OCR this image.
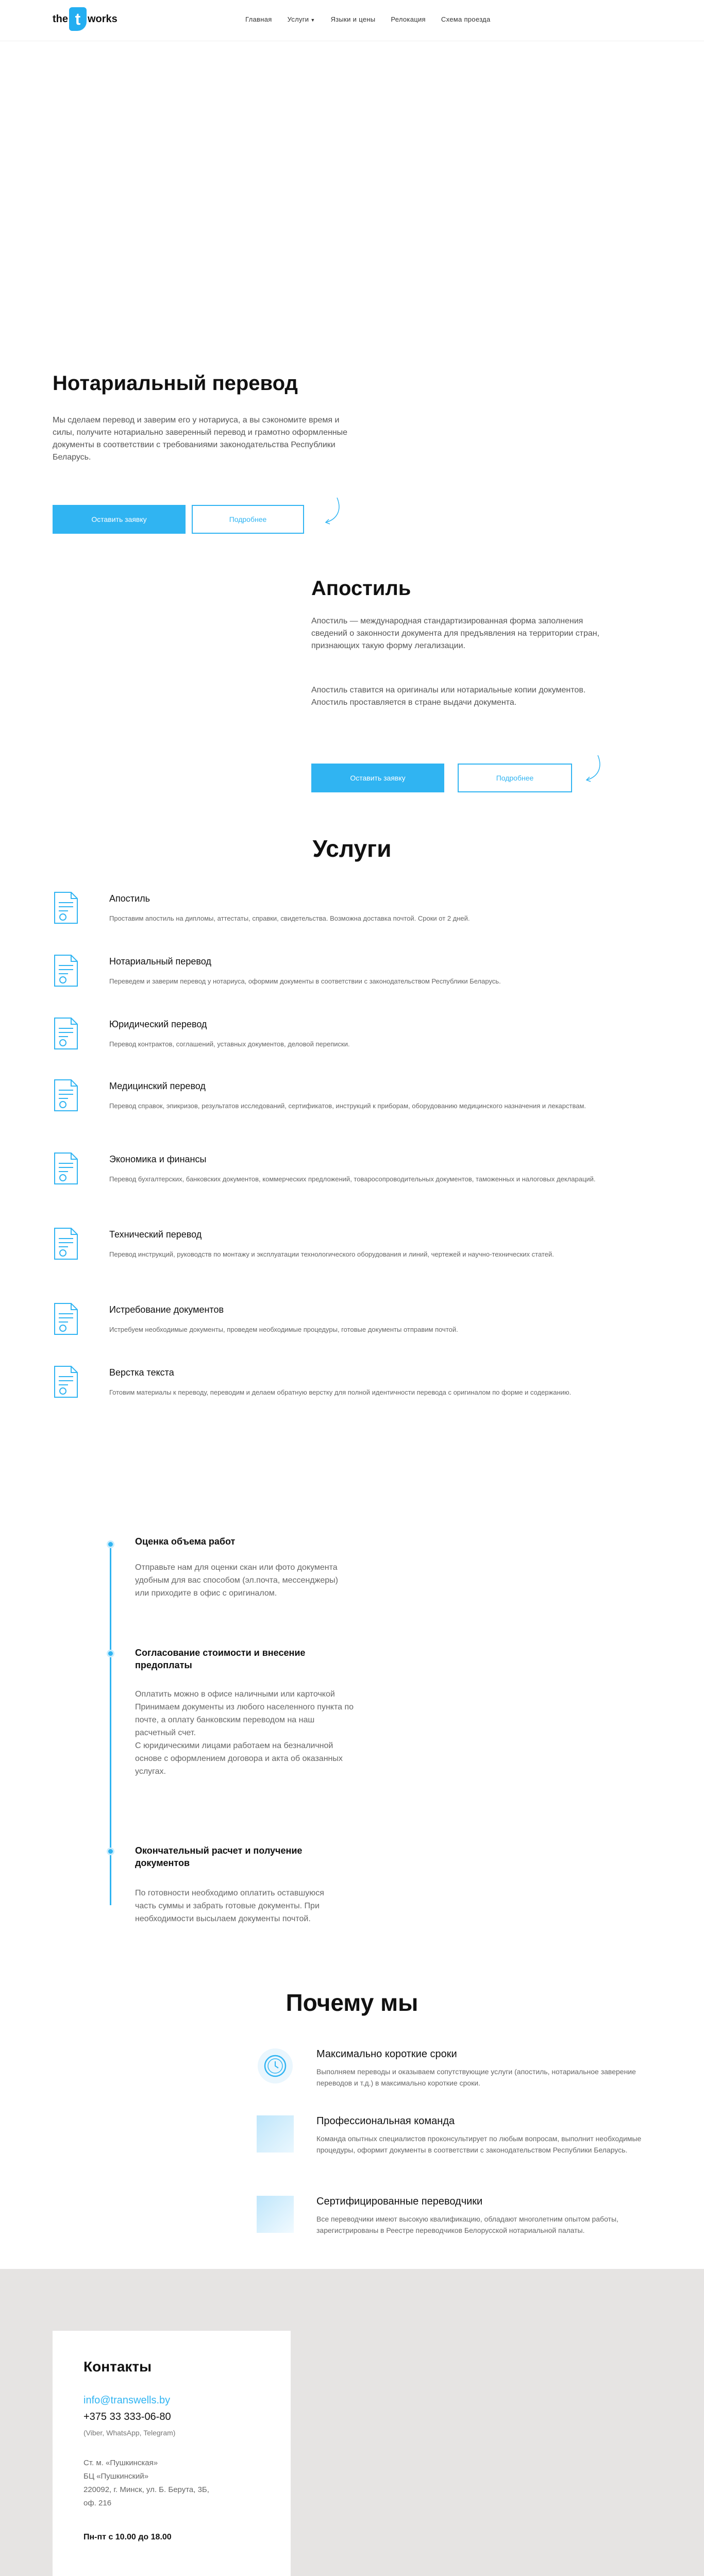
the t works	Главная Услуги ▼ Языки и цены Релокация Схема проезда
Нотариальный перевод

Мы сделаем перевод и заверим его у нотариуса, а вы сэкономите время и силы, получите нотариально заверенный перевод и грамотно оформленные документы в соответствии с требованиями законодательства Республики Беларусь.

Оставить заявку	Подробнее
Апостиль

Апостиль — международная стандартизированная форма заполнения сведений о законности документа для предъявления на территории стран, признающих такую форму легализации.

Апостиль ставится на оригиналы или нотариальные копии документов. Апостиль проставляется в стране выдачи документа.

Оставить заявку	Подробнее
Услуги
Апостиль
Проставим апостиль на дипломы, аттестаты, справки, свидетельства. Возможна доставка почтой. Сроки от 2 дней.
Нотариальный перевод
Переведем и заверим перевод у нотариуса, оформим документы в соответствии с законодательством Республики Беларусь.
Юридический перевод
Перевод контрактов, соглашений, уставных документов, деловой переписки.
Медицинский перевод
Перевод справок, эпикризов, результатов исследований, сертификатов, инструкций к приборам, оборудованию медицинского назначения и лекарствам.
Экономика и финансы
Перевод бухгалтерских, банковских документов, коммерческих предложений, товаросопроводительных документов, таможенных и налоговых деклараций.
Технический перевод
Перевод инструкций, руководств по монтажу и эксплуатации технологического оборудования и линий, чертежей и научно-технических статей.
Истребование документов
Истребуем необходимые документы, проведем необходимые процедуры, готовые документы отправим почтой.
Верстка текста
Готовим материалы к переводу, переводим и делаем обратную верстку для полной идентичности перевода с оригиналом по форме и содержанию.
Оценка объема работ
Отправьте нам для оценки скан или фото документа удобным для вас способом (эл.почта, мессенджеры) или приходите в офис с оригиналом.
Согласование стоимости и внесение предоплаты
Оплатить можно в офисе наличными или карточкой
Принимаем документы из любого населенного пункта по почте, а оплату банковским переводом на наш расчетный счет.
С юридическими лицами работаем на безналичной основе с оформлением договора и акта об оказанных услугах.
Окончательный расчет и получение документов
По готовности необходимо оплатить оставшуюся часть суммы и забрать готовые документы. При необходимости высылаем документы почтой.
Почему мы
Максимально короткие сроки
Выполняем переводы и оказываем сопутствующие услуги (апостиль, нотариальное заверение переводов и т.д.) в максимально короткие сроки.
Профессиональная команда
Команда опытных специалистов проконсультирует по любым вопросам, выполнит необходимые процедуры, оформит документы в соответствии с законодательством Республики Беларусь.
Сертифицированные переводчики
Все переводчики имеют высокую квалификацию, обладают многолетним опытом работы, зарегистрированы в Реестре переводчиков Белорусской нотариальной палаты.
Контакты
info@transwells.by
+375 33 333-06-80
(Viber, WhatsApp, Telegram)
Ст. м. «Пушкинская»
БЦ «Пушкинский»
220092, г. Минск, ул. Б. Берута, 3Б,
оф. 216
Пн-пт с 10.00 до 18.00
